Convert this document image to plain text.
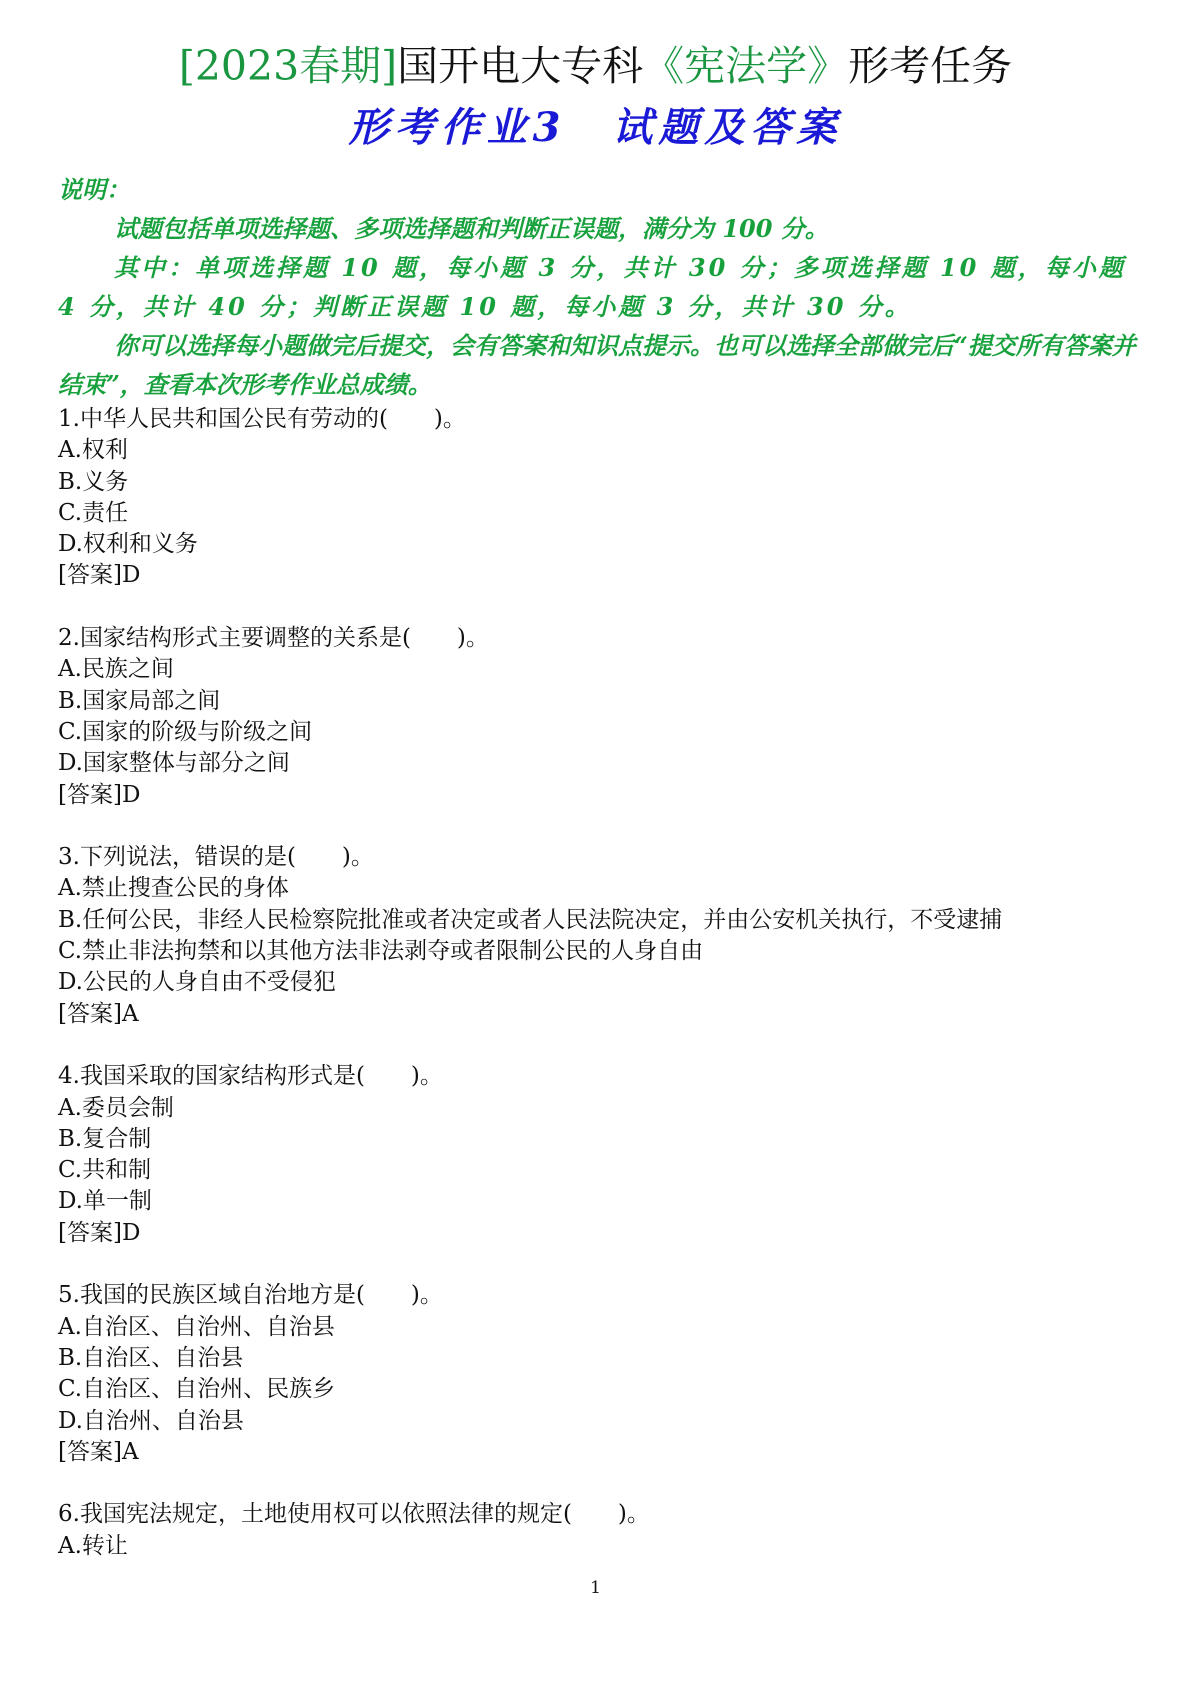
[2023春期]国开电大专科《宪法学》形考任务
形考作业3　试题及答案

说明：

试题包括单项选择题、多项选择题和判断正误题，满分为 100 分。

其中：单项选择题 10 题，每小题 3 分，共计 30 分；多项选择题 10 题，每小题 4 分，共计 40 分；判断正误题 10 题，每小题 3 分，共计 30 分。

你可以选择每小题做完后提交，会有答案和知识点提示。也可以选择全部做完后“提交所有答案并结束”，查看本次形考作业总成绩。

1.中华人民共和国公民有劳动的(　　)。
A.权利
B.义务
C.责任
D.权利和义务
[答案]D
2.国家结构形式主要调整的关系是(　　)。
A.民族之间
B.国家局部之间
C.国家的阶级与阶级之间
D.国家整体与部分之间
[答案]D
3.下列说法，错误的是(　　)。
A.禁止搜查公民的身体
B.任何公民，非经人民检察院批准或者决定或者人民法院决定，并由公安机关执行，不受逮捕
C.禁止非法拘禁和以其他方法非法剥夺或者限制公民的人身自由
D.公民的人身自由不受侵犯
[答案]A
4.我国采取的国家结构形式是(　　)。
A.委员会制
B.复合制
C.共和制
D.单一制
[答案]D
5.我国的民族区域自治地方是(　　)。
A.自治区、自治州、自治县
B.自治区、自治县
C.自治区、自治州、民族乡
D.自治州、自治县
[答案]A
6.我国宪法规定，土地使用权可以依照法律的规定(　　)。
A.转让
1
